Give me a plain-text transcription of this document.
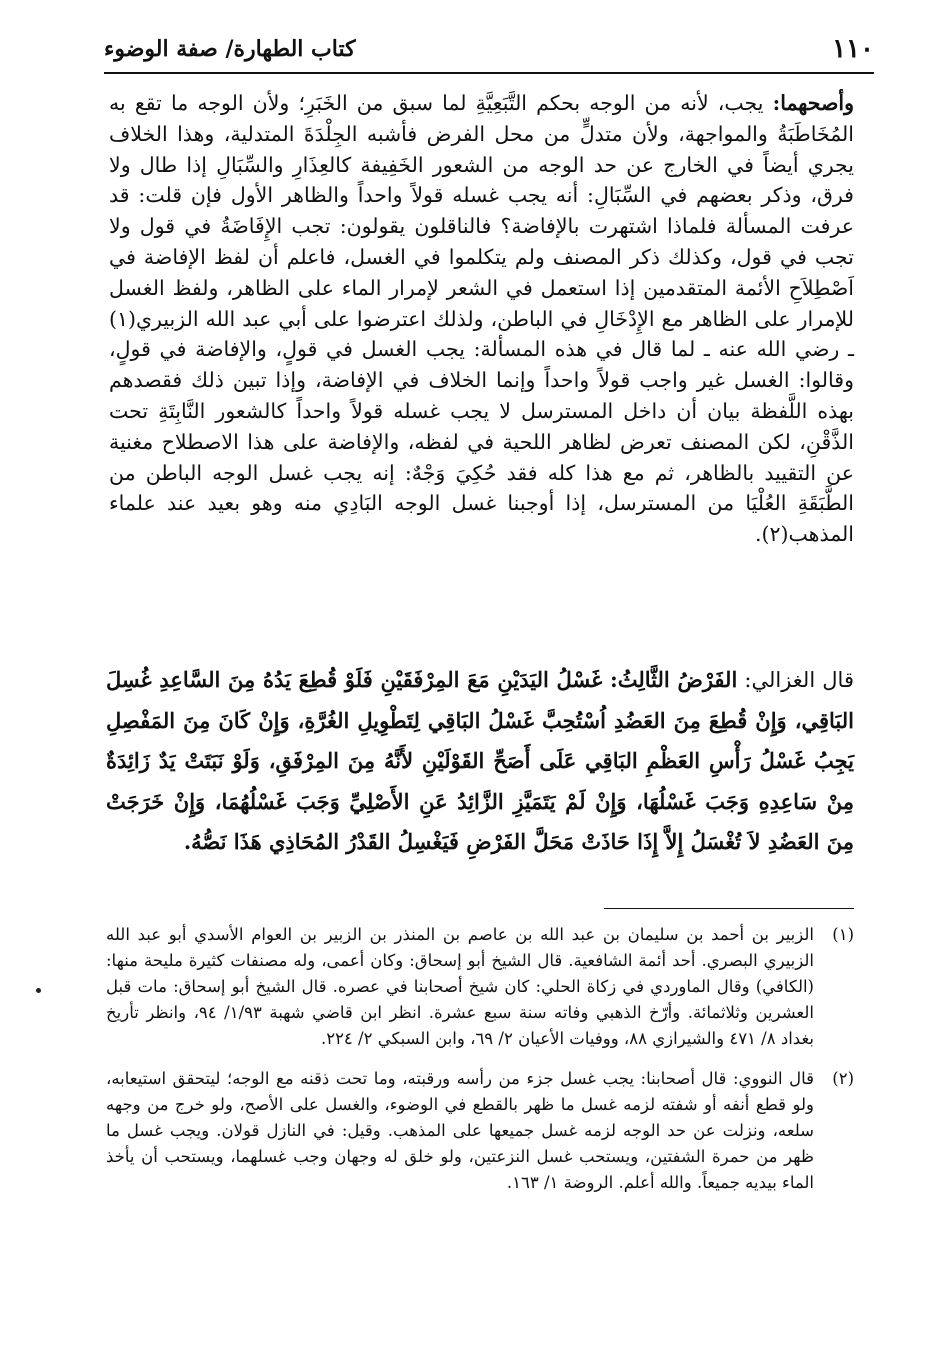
١١٠
كتاب الطهارة/ صفة الوضوء

وأصحهما: يجب، لأنه من الوجه بحكم التَّبَعِيَّةِ لما سبق من الخَبَرِ؛ ولأن الوجه ما تقع به المُخَاطَبَةُ والمواجهة، ولأن متدلٍّ من محل الفرض فأشبه الجِلْدَةَ المتدلية، وهذا الخلاف يجري أيضاً في الخارج عن حد الوجه من الشعور الخَفِيفة كالعِذَارِ والسِّبَالِ إذا طال ولا فرق، وذكر بعضهم في السِّبَالِ: أنه يجب غسله قولاً واحداً والظاهر الأول فإن قلت: قد عرفت المسألة فلماذا اشتهرت بالإفاضة؟ فالناقلون يقولون: تجب الإِفَاضَةُ في قول ولا تجب في قول، وكذلك ذكر المصنف ولم يتكلموا في الغسل، فاعلم أن لفظ الإفاضة في اَصْطِلاَحِ الأئمة المتقدمين إذا استعمل في الشعر لإمرار الماء على الظاهر، ولفظ الغسل للإمرار على الظاهر مع الإِدْخَالِ في الباطن، ولذلك اعترضوا على أبي عبد الله الزبيري(١) ـ رضي الله عنه ـ لما قال في هذه المسألة: يجب الغسل في قولٍ، والإفاضة في قولٍ، وقالوا: الغسل غير واجب قولاً واحداً وإنما الخلاف في الإفاضة، وإذا تبين ذلك فقصدهم بهذه اللَّفظة بيان أن داخل المسترسل لا يجب غسله قولاً واحداً كالشعور النَّابِتَةِ تحت الذَّقْنِ، لكن المصنف تعرض لظاهر اللحية في لفظه، والإفاضة على هذا الاصطلاح مغنية عن التقييد بالظاهر، ثم مع هذا كله فقد حُكِيَ وَجْهٌ: إنه يجب غسل الوجه الباطن من الطَّبَقَةِ العُلْيَا من المسترسل، إذا أوجبنا غسل الوجه البَادِي منه وهو بعيد عند علماء المذهب(٢).

قال الغزالي: الفَرْضُ الثَّالِثُ: غَسْلُ اليَدَيْنِ مَعَ المِرْفَقَيْنِ فَلَوْ قُطِعَ يَدُهُ مِنَ السَّاعِدِ غُسِلَ البَاقِي، وَإِنْ قُطِعَ مِنَ العَضُدِ اُسْتُحِبَّ غَسْلُ البَاقِي لِتَطْوِيلِ الغُرَّةِ، وَإِنْ كَانَ مِنَ المَفْصِلِ يَجِبُ غَسْلُ رَأْسِ العَظْمِ البَاقِي عَلَى أَصَحِّ القَوْلَيْنِ لأَنَّهُ مِنَ المِرْفَقِ، وَلَوْ نَبَتَتْ يَدٌ زَائِدَةٌ مِنْ سَاعِدِهِ وَجَبَ غَسْلُهَا، وَإِنْ لَمْ يَتَمَيَّزِ الزَّائِدُ عَنِ الأَصْلِيِّ وَجَبَ غَسْلُهُمَا، وَإِنْ خَرَجَتْ مِنَ العَضُدِ لاَ تُغْسَلُ إِلاَّ إِذَا حَاذَتْ مَحَلَّ الفَرْضِ فَيَغْسِلُ القَدْرُ المُحَاذِي هَذَا نَصُّهُ.

(١)
الزبير بن أحمد بن سليمان بن عبد الله بن عاصم بن المنذر بن الزبير بن العوام الأسدي أبو عبد الله الزبيري البصري. أحد أئمة الشافعية. قال الشيخ أبو إسحاق: وكان أعمى، وله مصنفات كثيرة مليحة منها: (الكافي) وقال الماوردي في زكاة الحلي: كان شيخ أصحابنا في عصره. قال الشيخ أبو إسحاق: مات قبل العشرين وثلاثمائة. وأرّخ الذهبي وفاته سنة سبع عشرة. انظر ابن قاضي شهبة ١/٩٣/ ٩٤، وانظر تأريخ بغداد ٨/ ٤٧١ والشيرازي ٨٨، ووفيات الأعيان ٢/ ٦٩، وابن السبكي ٢/ ٢٢٤.
(٢)
قال النووي: قال أصحابنا: يجب غسل جزء من رأسه ورقبته، وما تحت ذقنه مع الوجه؛ ليتحقق استيعابه، ولو قطع أنفه أو شفته لزمه غسل ما ظهر بالقطع في الوضوء، والغسل على الأصح، ولو خرج من وجهه سلعه، ونزلت عن حد الوجه لزمه غسل جميعها على المذهب. وقيل: في النازل قولان. ويجب غسل ما ظهر من حمرة الشفتين، ويستحب غسل النزعتين، ولو خلق له وجهان وجب غسلهما، ويستحب أن يأخذ الماء بيديه جميعاً. والله أعلم. الروضة ١/ ١٦٣.
